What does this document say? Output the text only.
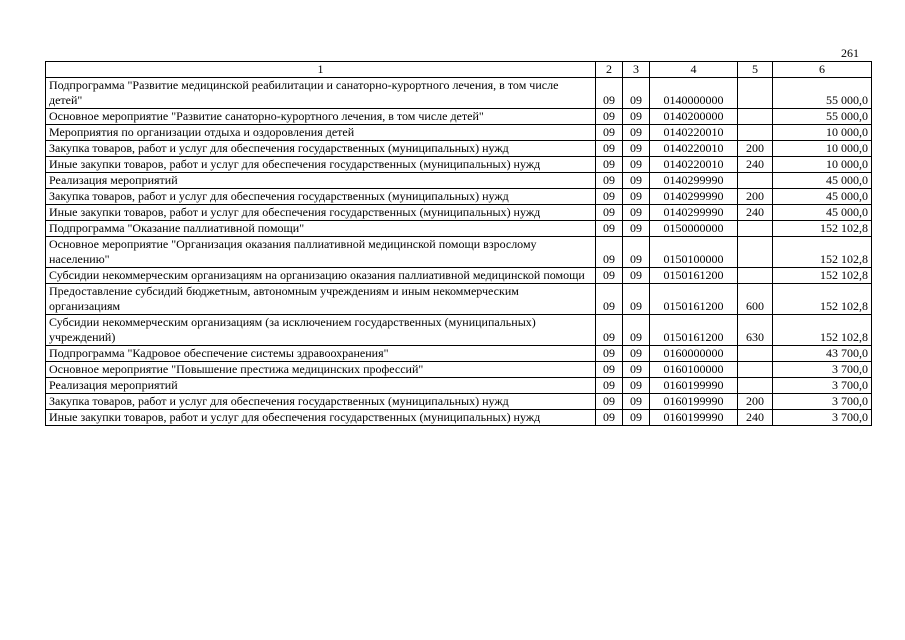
261
1	2	3	4	5	6
Подпрограмма "Развитие медицинской реабилитации и санаторно-курортного лечения, в том числе детей"	09	09	0140000000		55 000,0
Основное мероприятие "Развитие санаторно-курортного лечения, в том числе детей"	09	09	0140200000		55 000,0
Мероприятия по организации отдыха и оздоровления детей	09	09	0140220010		10 000,0
Закупка товаров, работ и услуг для обеспечения государственных (муниципальных) нужд	09	09	0140220010	200	10 000,0
Иные закупки товаров, работ и услуг для обеспечения государственных (муниципальных) нужд	09	09	0140220010	240	10 000,0
Реализация мероприятий	09	09	0140299990		45 000,0
Закупка товаров, работ и услуг для обеспечения государственных (муниципальных) нужд	09	09	0140299990	200	45 000,0
Иные закупки товаров, работ и услуг для обеспечения государственных (муниципальных) нужд	09	09	0140299990	240	45 000,0
Подпрограмма "Оказание паллиативной помощи"	09	09	0150000000		152 102,8
Основное мероприятие "Организация оказания паллиативной медицинской помощи взрослому населению"	09	09	0150100000		152 102,8
Субсидии некоммерческим организациям на организацию оказания паллиативной медицинской помощи	09	09	0150161200		152 102,8
Предоставление субсидий бюджетным, автономным учреждениям и иным некоммерческим организациям	09	09	0150161200	600	152 102,8
Субсидии некоммерческим организациям (за исключением государственных (муниципальных) учреждений)	09	09	0150161200	630	152 102,8
Подпрограмма "Кадровое обеспечение системы здравоохранения"	09	09	0160000000		43 700,0
Основное мероприятие "Повышение престижа медицинских профессий"	09	09	0160100000		3 700,0
Реализация мероприятий	09	09	0160199990		3 700,0
Закупка товаров, работ и услуг для обеспечения государственных (муниципальных) нужд	09	09	0160199990	200	3 700,0
Иные закупки товаров, работ и услуг для обеспечения государственных (муниципальных) нужд	09	09	0160199990	240	3 700,0
